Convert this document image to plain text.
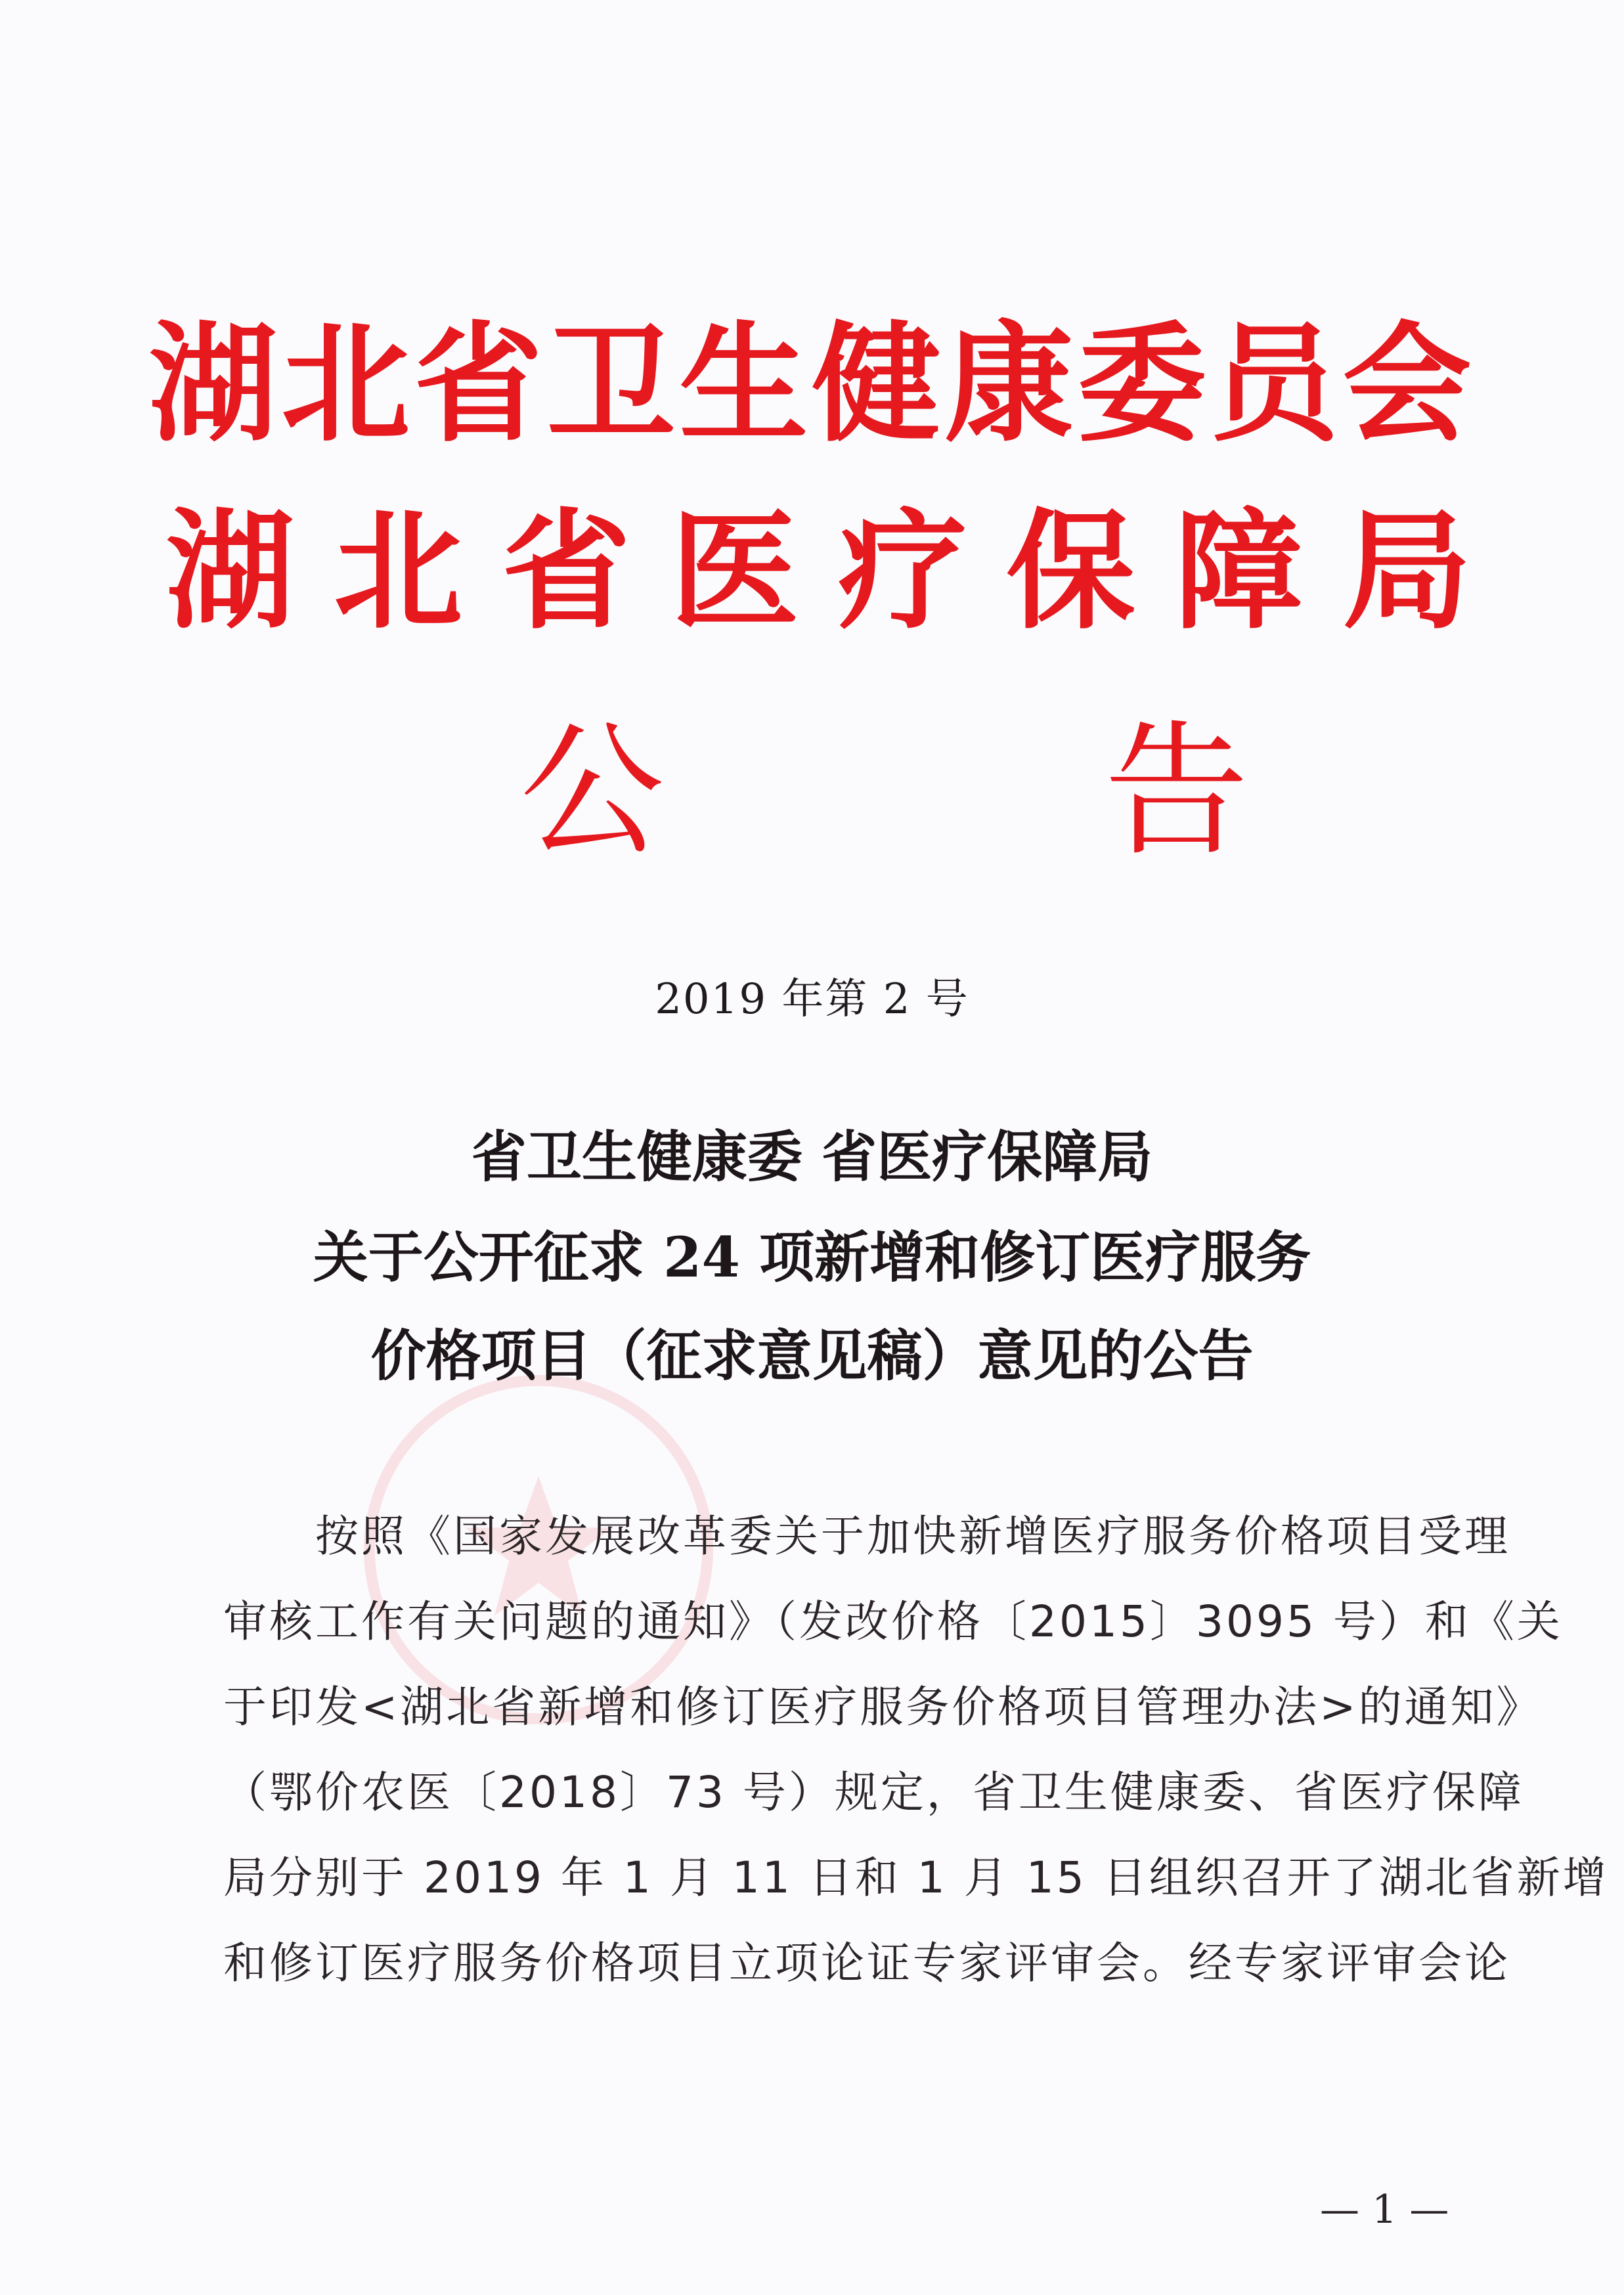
湖北省卫生健康委员会
湖北省医疗保障局
公 告
2019 年第 2 号
省卫生健康委 省医疗保障局
关于公开征求 24 项新增和修订医疗服务
价格项目（征求意见稿）意见的公告
按照《国家发展改革委关于加快新增医疗服务价格项目受理
审核工作有关问题的通知》（发改价格〔2015〕3095 号）和《关
于印发<湖北省新增和修订医疗服务价格项目管理办法>的通知》
（鄂价农医〔2018〕73 号）规定，省卫生健康委、省医疗保障
局分别于 2019 年 1 月 11 日和 1 月 15 日组织召开了湖北省新增
和修订医疗服务价格项目立项论证专家评审会。经专家评审会论
— 1 —
